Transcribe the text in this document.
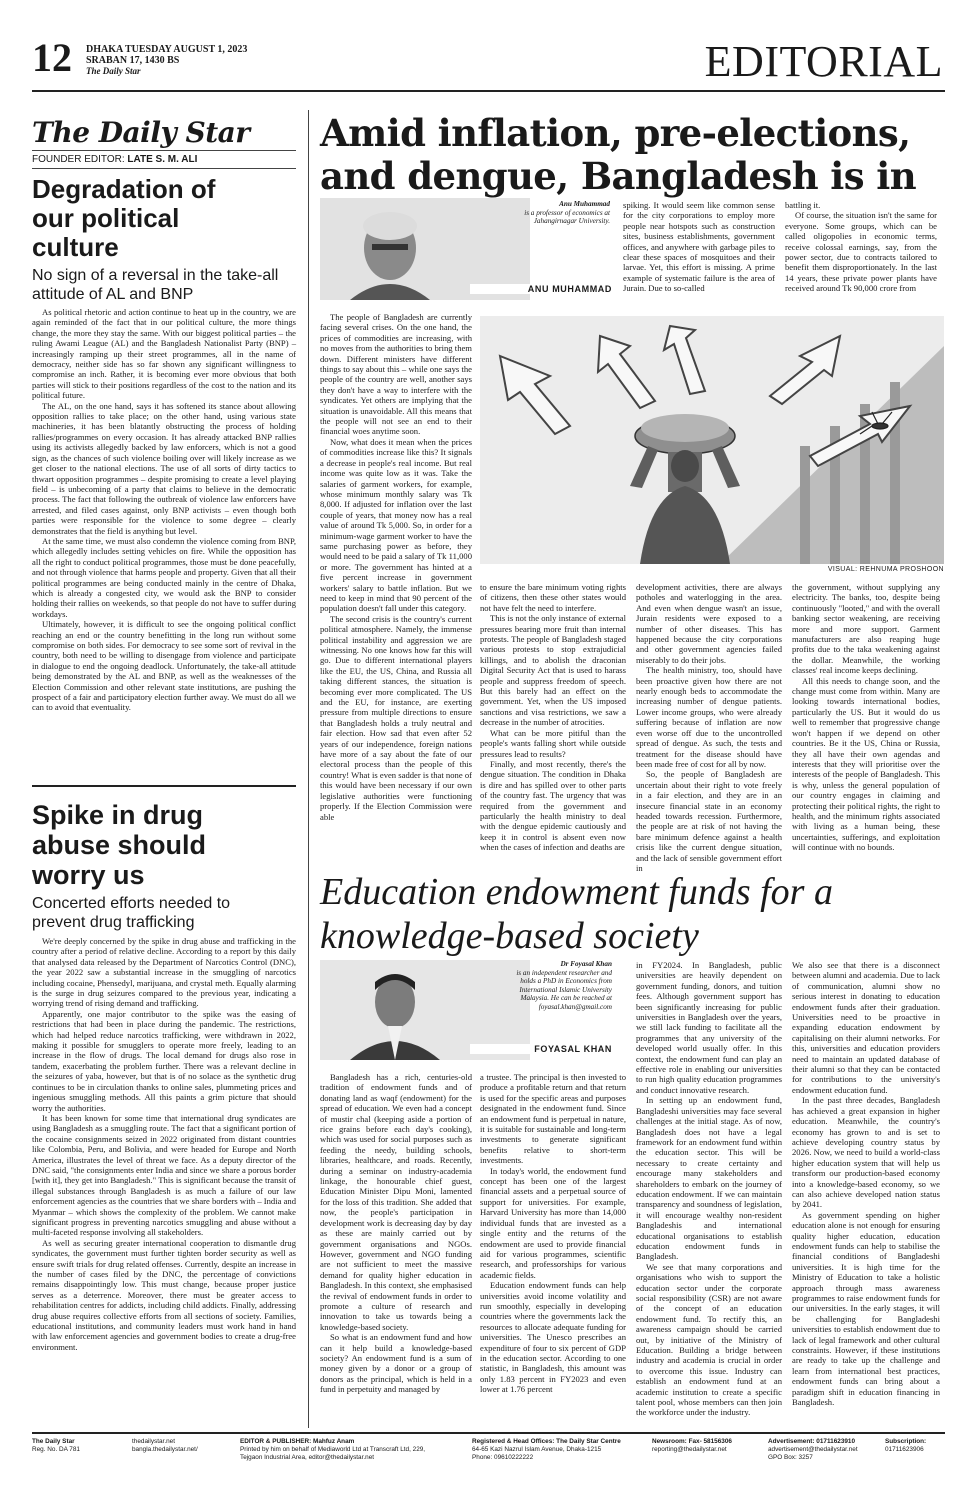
12 DHAKA TUESDAY AUGUST 1, 2023
SRABAN 17, 1430 BS
The Daily Star	EDITORIAL
The Daily Star
FOUNDER EDITOR: LATE S. M. ALI
Degradation of our political culture
No sign of a reversal in the take-all attitude of AL and BNP

As political rhetoric and action continue to heat up in the country, we are again reminded of the fact that in our political culture, the more things change, the more they stay the same. With our biggest political parties – the ruling Awami League (AL) and the Bangladesh Nationalist Party (BNP) – increasingly ramping up their street programmes, all in the name of democracy, neither side has so far shown any significant willingness to compromise an inch. Rather, it is becoming ever more obvious that both parties will stick to their positions regardless of the cost to the nation and its political future.

The AL, on the one hand, says it has softened its stance about allowing opposition rallies to take place; on the other hand, using various state machineries, it has been blatantly obstructing the process of holding rallies/programmes on every occasion. It has already attacked BNP rallies using its activists allegedly backed by law enforcers, which is not a good sign, as the chances of such violence boiling over will likely increase as we get closer to the national elections. The use of all sorts of dirty tactics to thwart opposition programmes – despite promising to create a level playing field – is unbecoming of a party that claims to believe in the democratic process. The fact that following the outbreak of violence law enforcers have arrested, and filed cases against, only BNP activists – even though both parties were responsible for the violence to some degree – clearly demonstrates that the field is anything but level.

At the same time, we must also condemn the violence coming from BNP, which allegedly includes setting vehicles on fire. While the opposition has all the right to conduct political programmes, those must be done peacefully, and not through violence that harms people and property. Given that all their political programmes are being conducted mainly in the centre of Dhaka, which is already a congested city, we would ask the BNP to consider holding their rallies on weekends, so that people do not have to suffer during workdays.

Ultimately, however, it is difficult to see the ongoing political conflict reaching an end or the country benefitting in the long run without some compromise on both sides. For democracy to see some sort of revival in the country, both need to be willing to disengage from violence and participate in dialogue to end the ongoing deadlock. Unfortunately, the take-all attitude being demonstrated by the AL and BNP, as well as the weaknesses of the Election Commission and other relevant state institutions, are pushing the prospect of a fair and participatory election further away. We must do all we can to avoid that eventuality.

Spike in drug abuse should worry us
Concerted efforts needed to prevent drug trafficking

We're deeply concerned by the spike in drug abuse and trafficking in the country after a period of relative decline. According to a report by this daily that analysed data released by the Department of Narcotics Control (DNC), the year 2022 saw a substantial increase in the smuggling of narcotics including cocaine, Phensedyl, marijuana, and crystal meth. Equally alarming is the surge in drug seizures compared to the previous year, indicating a worrying trend of rising demand and trafficking.

Apparently, one major contributor to the spike was the easing of restrictions that had been in place during the pandemic. The restrictions, which had helped reduce narcotics trafficking, were withdrawn in 2022, making it possible for smugglers to operate more freely, leading to an increase in the flow of drugs. The local demand for drugs also rose in tandem, exacerbating the problem further. There was a relevant decline in the seizures of yaba, however, but that is of no solace as the synthetic drug continues to be in circulation thanks to online sales, plummeting prices and ingenious smuggling methods. All this paints a grim picture that should worry the authorities.

It has been known for some time that international drug syndicates are using Bangladesh as a smuggling route. The fact that a significant portion of the cocaine consignments seized in 2022 originated from distant countries like Colombia, Peru, and Bolivia, and were headed for Europe and North America, illustrates the level of threat we face. As a deputy director of the DNC said, "the consignments enter India and since we share a porous border [with it], they get into Bangladesh." This is significant because the transit of illegal substances through Bangladesh is as much a failure of our law enforcement agencies as the countries that we share borders with – India and Myanmar – which shows the complexity of the problem. We cannot make significant progress in preventing narcotics smuggling and abuse without a multi-faceted response involving all stakeholders.

As well as securing greater international cooperation to dismantle drug syndicates, the government must further tighten border security as well as ensure swift trials for drug related offenses. Currently, despite an increase in the number of cases filed by the DNC, the percentage of convictions remains disappointingly low. This must change, because proper justice serves as a deterrence. Moreover, there must be greater access to rehabilitation centres for addicts, including child addicts. Finally, addressing drug abuse requires collective efforts from all sections of society. Families, educational institutions, and community leaders must work hand in hand with law enforcement agencies and government bodies to create a drug-free environment.

Amid inflation, pre-elections, and dengue, Bangladesh is in
Anu Muhammad
is a professor of economics at Jahangirnagar University.
ANU MUHAMMAD

The people of Bangladesh are currently facing several crises. On the one hand, the prices of commodities are increasing, with no moves from the authorities to bring them down. Different ministers have different things to say about this – while one says the people of the country are well, another says they don't have a way to interfere with the syndicates. Yet others are implying that the situation is unavoidable. All this means that the people will not see an end to their financial woes anytime soon.

Now, what does it mean when the prices of commodities increase like this? It signals a decrease in people's real income. But real income was quite low as it was. Take the salaries of garment workers, for example, whose minimum monthly salary was Tk 8,000. If adjusted for inflation over the last couple of years, that money now has a real value of around Tk 5,000. So, in order for a minimum-wage garment worker to have the same purchasing power as before, they would need to be paid a salary of Tk 11,000 or more. The government has hinted at a five percent increase in government workers' salary to battle inflation. But we need to keep in mind that 90 percent of the population doesn't fall under this category.

The second crisis is the country's current political atmosphere. Namely, the immense political instability and aggression we are witnessing. No one knows how far this will go. Due to different international players like the EU, the US, China, and Russia all taking different stances, the situation is becoming ever more complicated. The US and the EU, for instance, are exerting pressure from multiple directions to ensure that Bangladesh holds a truly neutral and fair election. How sad that even after 52 years of our independence, foreign nations have more of a say about the fate of our electoral process than the people of this country! What is even sadder is that none of this would have been necessary if our own legislative authorities were functioning properly. If the Election Commission were able

spiking. It would seem like common sense for the city corporations to employ more people near hotspots such as construction sites, business establishments, government offices, and anywhere with garbage piles to clear these spaces of mosquitoes and their larvae. Yet, this effort is missing. A prime example of systematic failure is the area of Jurain. Due to so-called

battling it.

Of course, the situation isn't the same for everyone. Some groups, which can be called oligopolies in economic terms, receive colossal earnings, say, from the power sector, due to contracts tailored to benefit them disproportionately. In the last 14 years, these private power plants have received around Tk 90,000 crore from

VISUAL: REHNUMA PROSHOON

to ensure the bare minimum voting rights of citizens, then these other states would not have felt the need to interfere.

This is not the only instance of external pressures bearing more fruit than internal protests. The people of Bangladesh staged various protests to stop extrajudicial killings, and to abolish the draconian Digital Security Act that is used to harass people and suppress freedom of speech. But this barely had an effect on the government. Yet, when the US imposed sanctions and visa restrictions, we saw a decrease in the number of atrocities.

What can be more pitiful than the people's wants falling short while outside pressures lead to results?

Finally, and most recently, there's the dengue situation. The condition in Dhaka is dire and has spilled over to other parts of the country fast. The urgency that was required from the government and particularly the health ministry to deal with the dengue epidemic cautiously and keep it in control is absent even now when the cases of infection and deaths are

development activities, there are always potholes and waterlogging in the area. And even when dengue wasn't an issue, Jurain residents were exposed to a number of other diseases. This has happened because the city corporations and other government agencies failed miserably to do their jobs.

The health ministry, too, should have been proactive given how there are not nearly enough beds to accommodate the increasing number of dengue patients. Lower income groups, who were already suffering because of inflation are now even worse off due to the uncontrolled spread of dengue. As such, the tests and treatment for the disease should have been made free of cost for all by now.

So, the people of Bangladesh are uncertain about their right to vote freely in a fair election, and they are in an insecure financial state in an economy headed towards recession. Furthermore, the people are at risk of not having the bare minimum defence against a health crisis like the current dengue situation, and the lack of sensible government effort in

the government, without supplying any electricity. The banks, too, despite being continuously "looted," and with the overall banking sector weakening, are receiving more and more support. Garment manufacturers are also reaping huge profits due to the taka weakening against the dollar. Meanwhile, the working classes' real income keeps declining.

All this needs to change soon, and the change must come from within. Many are looking towards international bodies, particularly the US. But it would do us well to remember that progressive change won't happen if we depend on other countries. Be it the US, China or Russia, they all have their own agendas and interests that they will prioritise over the interests of the people of Bangladesh. This is why, unless the general population of our country engages in claiming and protecting their political rights, the right to health, and the minimum rights associated with living as a human being, these uncertainties, sufferings, and exploitation will continue with no bounds.

Education endowment funds for a knowledge-based society
Dr Foyasal Khan
is an independent researcher and holds a PhD in Economics from International Islamic University Malaysia. He can be reached at foyasal.khan@gmail.com
FOYASAL KHAN

Bangladesh has a rich, centuries-old tradition of endowment funds and of donating land as waqf (endowment) for the spread of education. We even had a concept of mustir chal (keeping aside a portion of rice grains before each day's cooking), which was used for social purposes such as feeding the needy, building schools, libraries, healthcare, and roads. Recently, during a seminar on industry-academia linkage, the honourable chief guest, Education Minister Dipu Moni, lamented for the loss of this tradition. She added that now, the people's participation in development work is decreasing day by day as these are mainly carried out by government organisations and NGOs. However, government and NGO funding are not sufficient to meet the massive demand for quality higher education in Bangladesh. In this context, she emphasised the revival of endowment funds in order to promote a culture of research and innovation to take us towards being a knowledge-based society.

So what is an endowment fund and how can it help build a knowledge-based society? An endowment fund is a sum of money given by a donor or a group of donors as the principal, which is held in a fund in perpetuity and managed by

a trustee. The principal is then invested to produce a profitable return and that return is used for the specific areas and purposes designated in the endowment fund. Since an endowment fund is perpetual in nature, it is suitable for sustainable and long-term investments to generate significant benefits relative to short-term investments.

In today's world, the endowment fund concept has been one of the largest financial assets and a perpetual source of support for universities. For example, Harvard University has more than 14,000 individual funds that are invested as a single entity and the returns of the endowment are used to provide financial aid for various programmes, scientific research, and professorships for various academic fields.

Education endowment funds can help universities avoid income volatility and run smoothly, especially in developing countries where the governments lack the resources to allocate adequate funding for universities. The Unesco prescribes an expenditure of four to six percent of GDP in the education sector. According to one statistic, in Bangladesh, this amount was only 1.83 percent in FY2023 and even lower at 1.76 percent

in FY2024. In Bangladesh, public universities are heavily dependent on government funding, donors, and tuition fees. Although government support has been significantly increasing for public universities in Bangladesh over the years, we still lack funding to facilitate all the programmes that any university of the developed world usually offer. In this context, the endowment fund can play an effective role in enabling our universities to run high quality education programmes and conduct innovative research.

In setting up an endowment fund, Bangladeshi universities may face several challenges at the initial stage. As of now, Bangladesh does not have a legal framework for an endowment fund within the education sector. This will be necessary to create certainty and encourage many stakeholders and shareholders to embark on the journey of education endowment. If we can maintain transparency and soundness of legislation, it will encourage wealthy non-resident Bangladeshis and international educational organisations to establish education endowment funds in Bangladesh.

We see that many corporations and organisations who wish to support the education sector under the corporate social responsibility (CSR) are not aware of the concept of an education endowment fund. To rectify this, an awareness campaign should be carried out, by initiative of the Ministry of Education. Building a bridge between industry and academia is crucial in order to overcome this issue. Industry can establish an endowment fund at an academic institution to create a specific talent pool, whose members can then join the workforce under the industry.

We also see that there is a disconnect between alumni and academia. Due to lack of communication, alumni show no serious interest in donating to education endowment funds after their graduation. Universities need to be proactive in expanding education endowment by capitalising on their alumni networks. For this, universities and education providers need to maintain an updated database of their alumni so that they can be contacted for contributions to the university's endowment education fund.

In the past three decades, Bangladesh has achieved a great expansion in higher education. Meanwhile, the country's economy has grown to and is set to achieve developing country status by 2026. Now, we need to build a world-class higher education system that will help us transform our production-based economy into a knowledge-based economy, so we can also achieve developed nation status by 2041.

As government spending on higher education alone is not enough for ensuring quality higher education, education endowment funds can help to stabilise the financial conditions of Bangladeshi universities. It is high time for the Ministry of Education to take a holistic approach through mass awareness programmes to raise endowment funds for our universities. In the early stages, it will be challenging for Bangladeshi universities to establish endowment due to lack of legal framework and other cultural constraints. However, if these institutions are ready to take up the challenge and learn from international best practices, endowment funds can bring about a paradigm shift in education financing in Bangladesh.

The Daily Star
Reg. No. DA 781
thedailystar.net
bangla.thedailystar.net/
EDITOR & PUBLISHER: Mahfuz Anam
Printed by him on behalf of Mediaworld Ltd at Transcraft Ltd, 229,
Tejgaon Industrial Area, editor@thedailystar.net
Registered & Head Offices: The Daily Star Centre
64-65 Kazi Nazrul Islam Avenue, Dhaka-1215
Phone: 09610222222
Newsroom: Fax- 58156306
reporting@thedailystar.net
Advertisement: 01711623910
advertisement@thedailystar.net
GPO Box: 3257
Subscription:
01711623906
